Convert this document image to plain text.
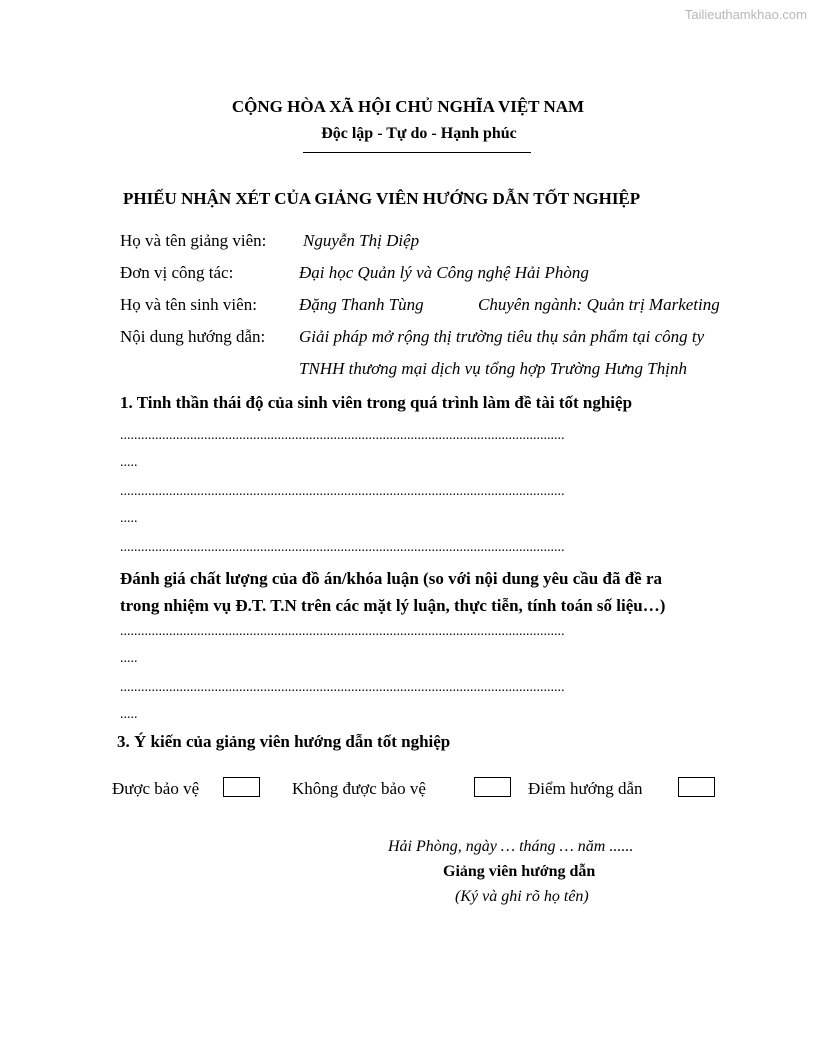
Tailieuthamkhao.com
CỘNG HÒA XÃ HỘI CHỦ NGHĨA VIỆT NAM
Độc lập - Tự do - Hạnh phúc
PHIẾU NHẬN XÉT CỦA GIẢNG VIÊN HƯỚNG DẪN TỐT NGHIỆP
Họ và tên giảng viên: Nguyễn Thị Diệp
Đơn vị công tác:	Đại học Quản lý và Công nghệ Hải Phòng
Họ và tên sinh viên: Đặng Thanh Tùng	Chuyên ngành: Quản trị Marketing
Nội dung hướng dẫn: Giải pháp mở rộng thị trường tiêu thụ sản phẩm tại công ty
TNHH thương mại dịch vụ tổng hợp Trường Hưng Thịnh
1. Tinh thần thái độ của sinh viên trong quá trình làm đề tài tốt nghiệp
...............................................................................................................................
.....
...............................................................................................................................
.....
...............................................................................................................................
Đánh giá chất lượng của đồ án/khóa luận (so với nội dung yêu cầu đã đề ra
trong nhiệm vụ Đ.T. T.N trên các mặt lý luận, thực tiễn, tính toán số liệu…)
...............................................................................................................................
.....
...............................................................................................................................
.....
3. Ý kiến của giảng viên hướng dẫn tốt nghiệp
Được bảo vệ	Không được bảo vệ	Điểm hướng dẫn
Hải Phòng, ngày … tháng … năm ......
Giảng viên hướng dẫn
(Ký và ghi rõ họ tên)
